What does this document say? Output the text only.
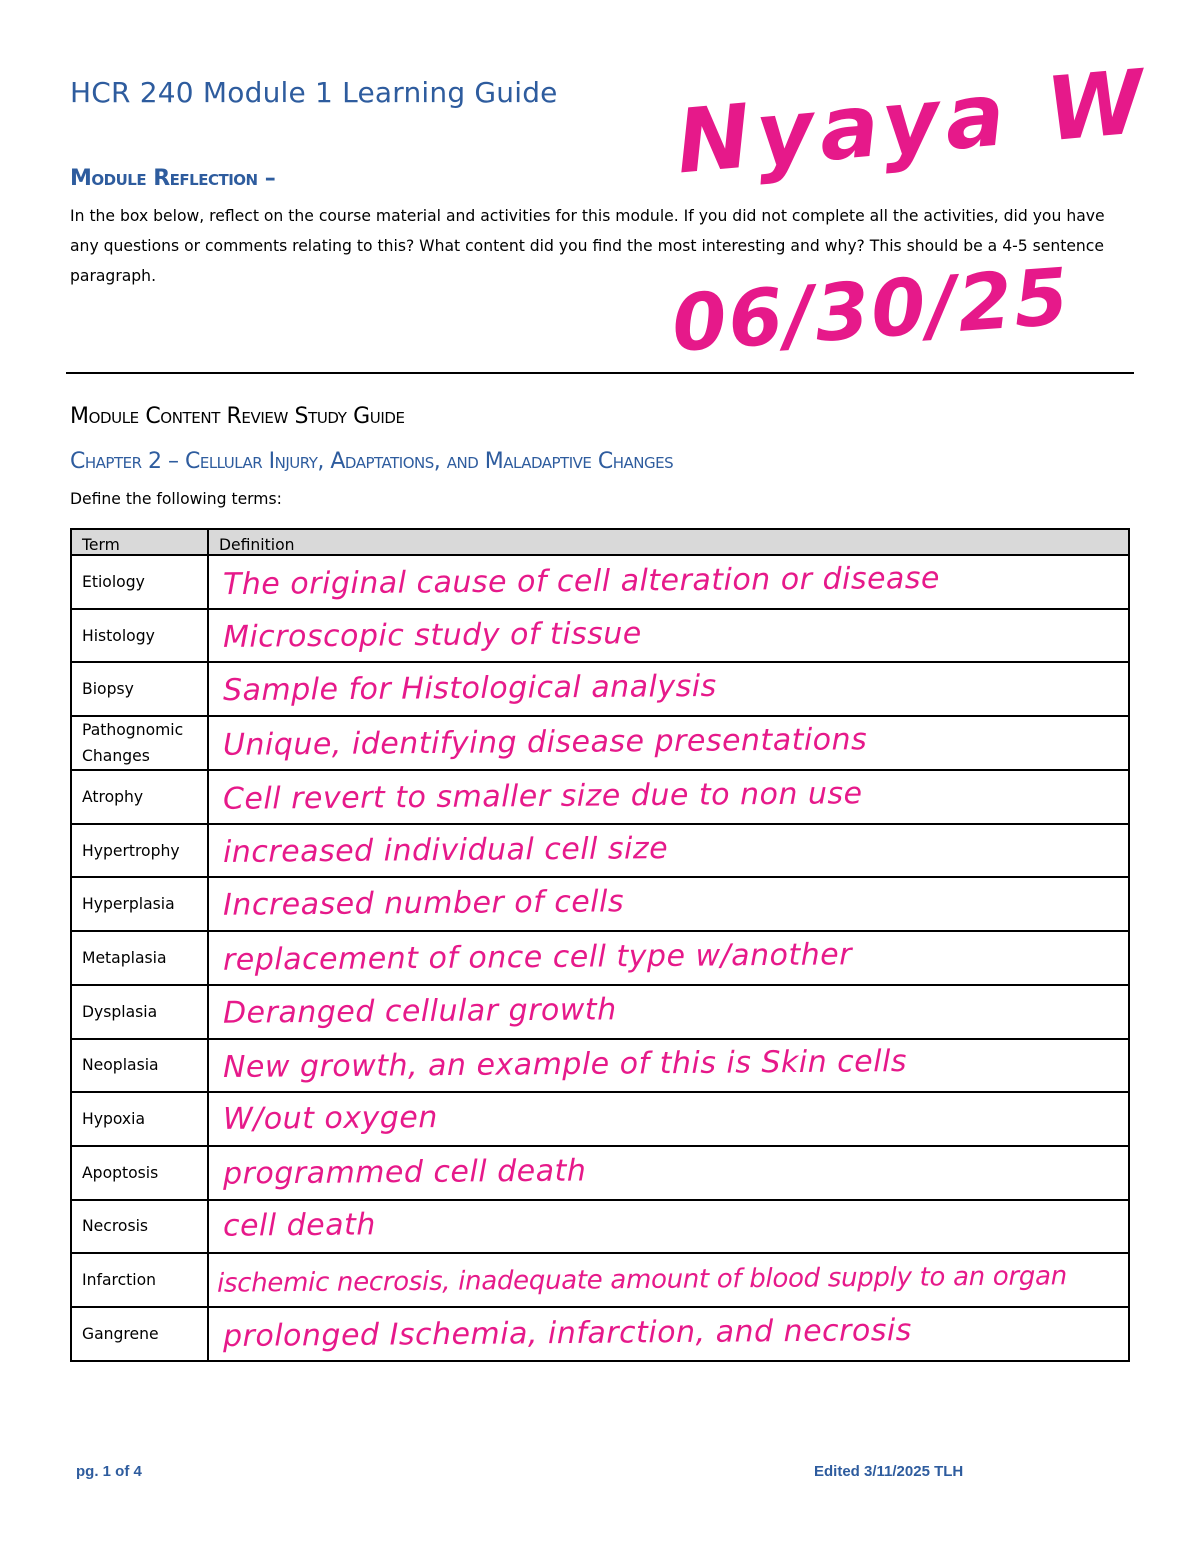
HCR 240 Module 1 Learning Guide Nyaya W
06/30/25
Module Reflection –

In the box below, reflect on the course material and activities for this module. If you did not complete all the activities, did you have any questions or comments relating to this? What content did you find the most interesting and why? This should be a 4-5 sentence paragraph.

Module Content Review Study Guide
Chapter 2 – Cellular Injury, Adaptations, and Maladaptive Changes

Define the following terms:

Term	Definition
Etiology	The original cause of cell alteration or disease

Histology	Microscopic study of tissue

Biopsy	Sample for Histological analysis

Pathognomic Changes	Unique, identifying disease presentations

Atrophy	Cell revert to smaller size due to non use

Hypertrophy	increased individual cell size

Hyperplasia	Increased number of cells

Metaplasia	replacement of once cell type w/another

Dysplasia	Deranged cellular growth

Neoplasia	New growth, an example of this is Skin cells

Hypoxia	W/out oxygen

Apoptosis	programmed cell death

Necrosis	cell death

Infarction	ischemic necrosis, inadequate amount of blood supply to an organ

Gangrene	prolonged Ischemia, infarction, and necrosis

pg. 1 of 4	Edited 3/11/2025 TLH
